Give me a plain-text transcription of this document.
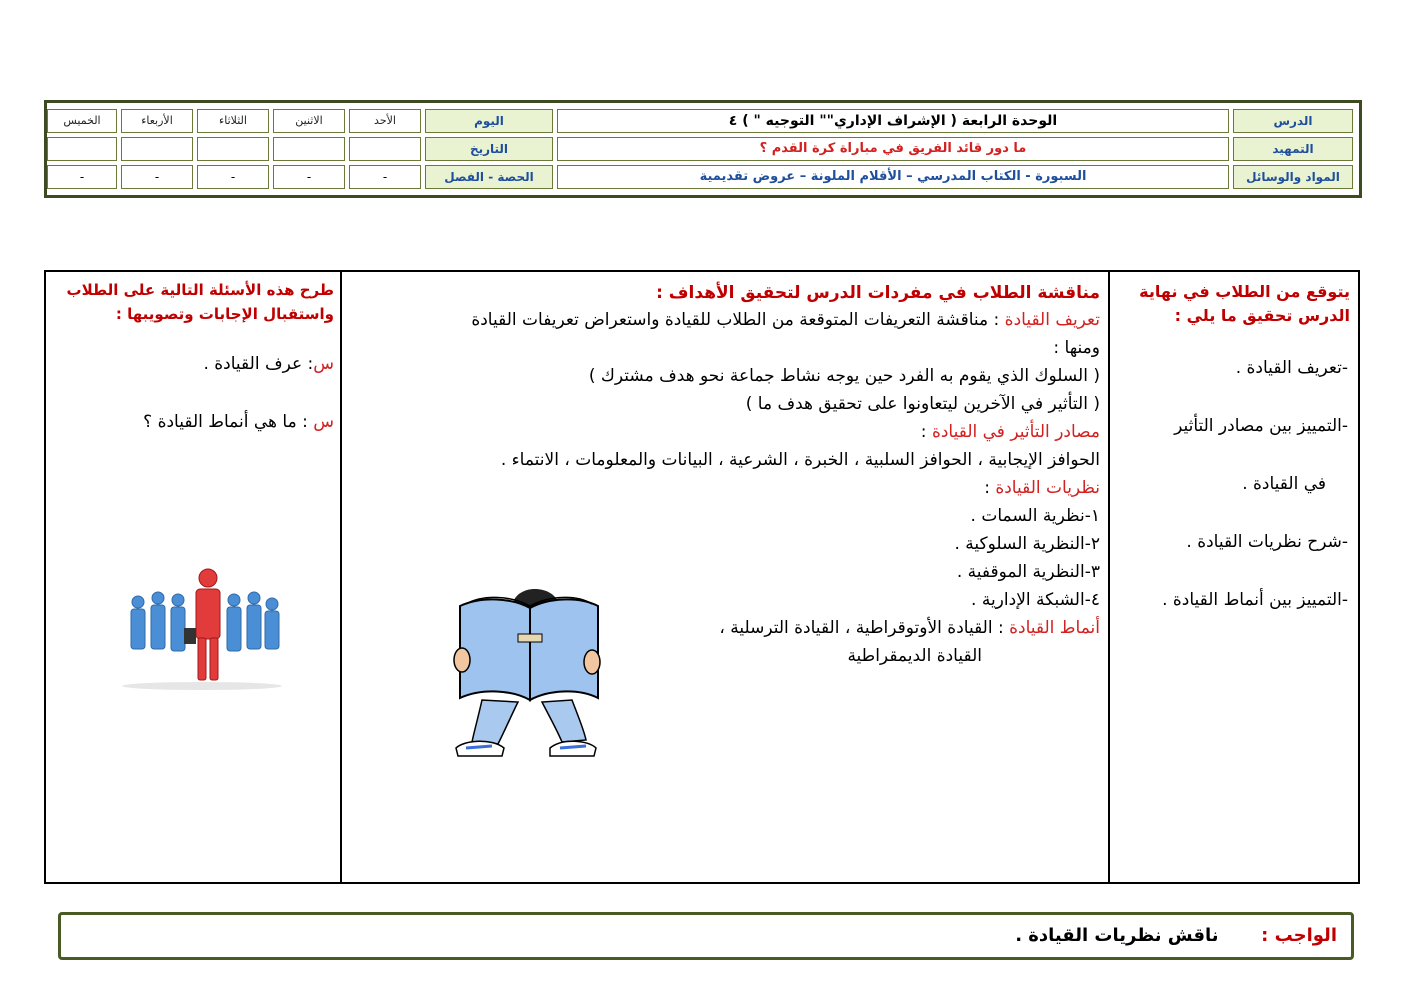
الدرس
الوحدة الرابعة ( الإشراف الإداري"" التوجيه " ) ٤
اليوم
الأحد
الاثنين
الثلاثاء
الأربعاء
الخميس
التمهيد
ما دور قائد الفريق في مباراة كرة القدم ؟
التاريخ
المواد والوسائل
السبورة - الكتاب المدرسي – الأقلام الملونة – عروض تقديمية
الحصة - الفصل
-
-
-
-
-
يتوقع من الطلاب في نهاية
الدرس تحقيق ما يلي :
-تعريف القيادة .
-التمييز بين مصادر التأثير
في القيادة .
-شرح نظريات القيادة .
-التمييز بين أنماط القيادة .

مناقشة الطلاب في مفردات الدرس لتحقيق الأهداف :

تعريف القيادة : مناقشة التعريفات المتوقعة من الطلاب للقيادة واستعراض تعريفات القيادة

ومنها :

( السلوك الذي يقوم به الفرد حين يوجه نشاط جماعة نحو هدف مشترك )

( التأثير في الآخرين ليتعاونوا على تحقيق هدف ما )

مصادر التأثير في القيادة :

الحوافز الإيجابية ، الحوافز السلبية ، الخبرة ، الشرعية ، البيانات والمعلومات ، الانتماء .

نظريات القيادة :

١-نظرية السمات .

٢-النظرية السلوكية .

٣-النظرية الموقفية .

٤-الشبكة الإدارية .

أنماط القيادة : القيادة الأوتوقراطية ، القيادة الترسلية ،

القيادة الديمقراطية

طرح هذه الأسئلة التالية على الطلاب
واستقبال الإجابات وتصويبها :
س: عرف القيادة .
س : ما هي أنماط القيادة ؟
الواجب :  ناقش نظريات القيادة .
